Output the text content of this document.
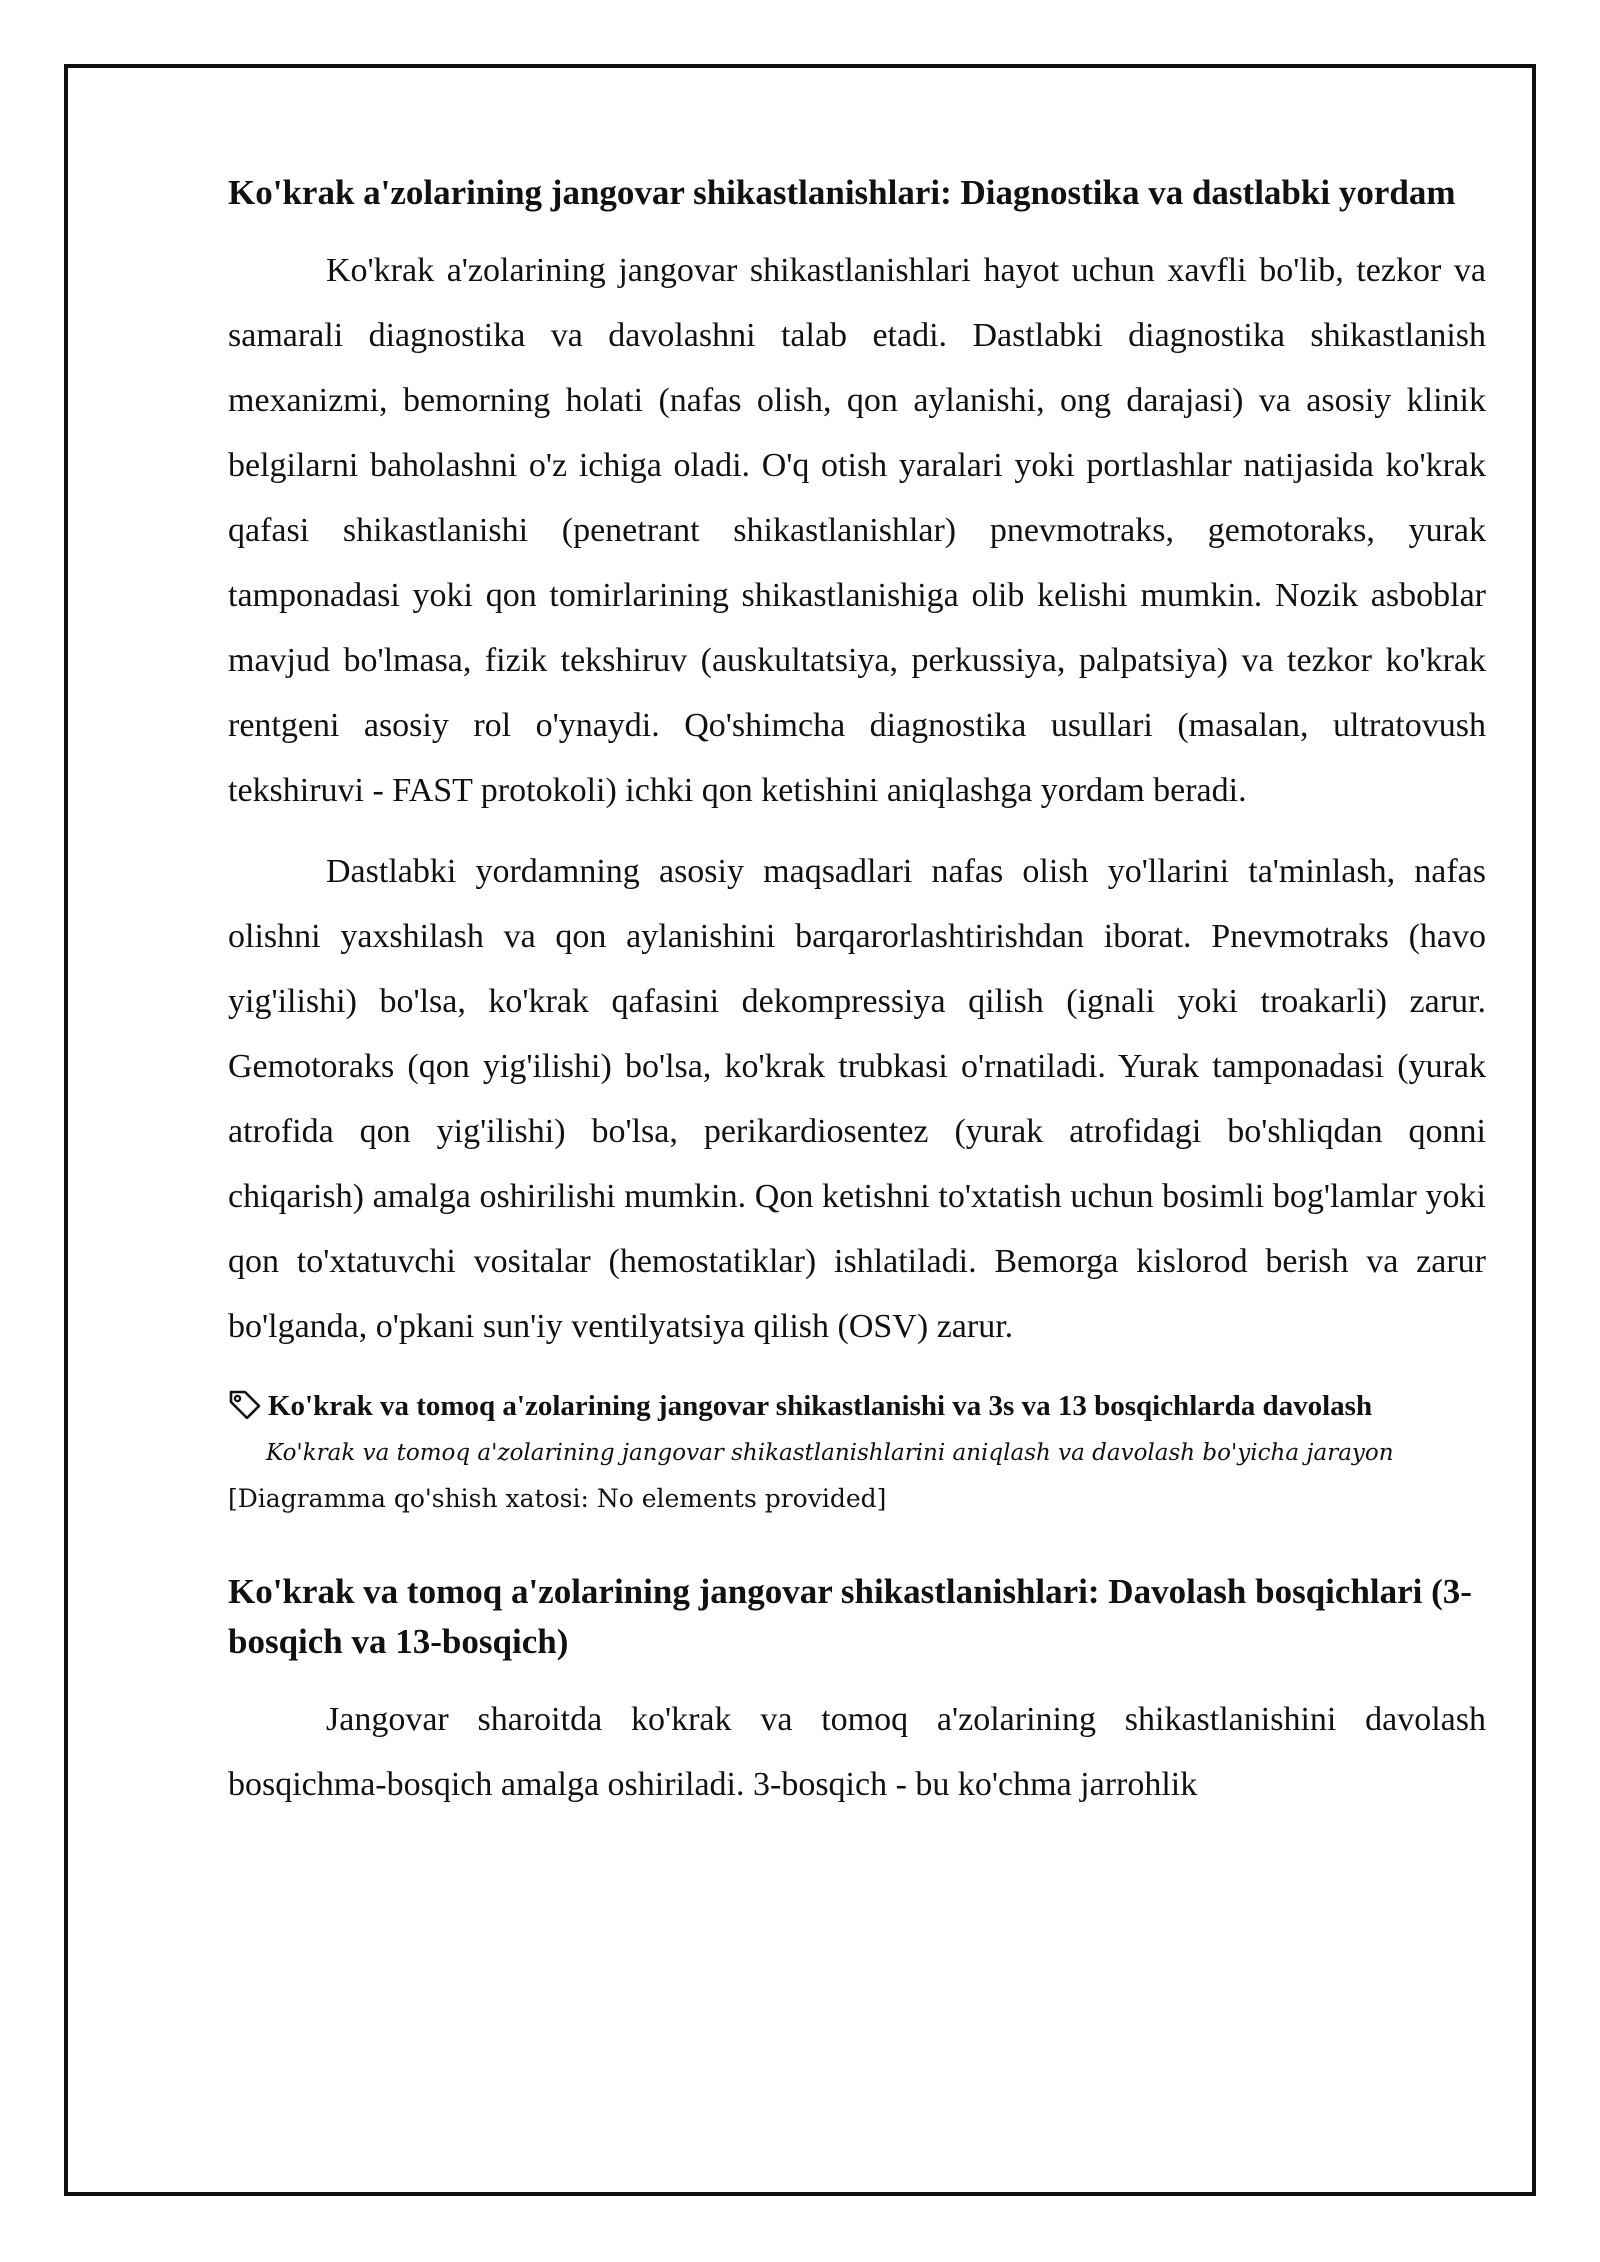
Ko'krak a'zolarining jangovar shikastlanishlari: Diagnostika va dastlabki yordam

Ko'krak a'zolarining jangovar shikastlanishlari hayot uchun xavfli bo'lib, tezkor va samarali diagnostika va davolashni talab etadi. Dastlabki diagnostika shikastlanish mexanizmi, bemorning holati (nafas olish, qon aylanishi, ong darajasi) va asosiy klinik belgilarni baholashni o'z ichiga oladi. O'q otish yaralari yoki portlashlar natijasida ko'krak qafasi shikastlanishi (penetrant shikastlanishlar) pnevmotraks, gemotoraks, yurak tamponadasi yoki qon tomirlarining shikastlanishiga olib kelishi mumkin. Nozik asboblar mavjud bo'lmasa, fizik tekshiruv (auskultatsiya, perkussiya, palpatsiya) va tezkor ko'krak rentgeni asosiy rol o'ynaydi. Qo'shimcha diagnostika usullari (masalan, ultratovush tekshiruvi - FAST protokoli) ichki qon ketishini aniqlashga yordam beradi.

Dastlabki yordamning asosiy maqsadlari nafas olish yo'llarini ta'minlash, nafas olishni yaxshilash va qon aylanishini barqarorlashtirishdan iborat. Pnevmotraks (havo yig'ilishi) bo'lsa, ko'krak qafasini dekompressiya qilish (ignali yoki troakarli) zarur. Gemotoraks (qon yig'ilishi) bo'lsa, ko'krak trubkasi o'rnatiladi. Yurak tamponadasi (yurak atrofida qon yig'ilishi) bo'lsa, perikardiosentez (yurak atrofidagi bo'shliqdan qonni chiqarish) amalga oshirilishi mumkin. Qon ketishni to'xtatish uchun bosimli bog'lamlar yoki qon to'xtatuvchi vositalar (hemostatiklar) ishlatiladi. Bemorga kislorod berish va zarur bo'lganda, o'pkani sun'iy ventilyatsiya qilish (OSV) zarur.

Ko'krak va tomoq a'zolarining jangovar shikastlanishi va 3s va 13 bosqichlarda davolash
Ko'krak va tomoq a'zolarining jangovar shikastlanishlarini aniqlash va davolash bo'yicha jarayon
[Diagramma qo'shish xatosi: No elements provided]
Ko'krak va tomoq a'zolarining jangovar shikastlanishlari: Davolash bosqichlari (3-bosqich va 13-bosqich)

Jangovar sharoitda ko'krak va tomoq a'zolarining shikastlanishini davolash bosqichma-bosqich amalga oshiriladi. 3-bosqich - bu ko'chma jarrohlik
